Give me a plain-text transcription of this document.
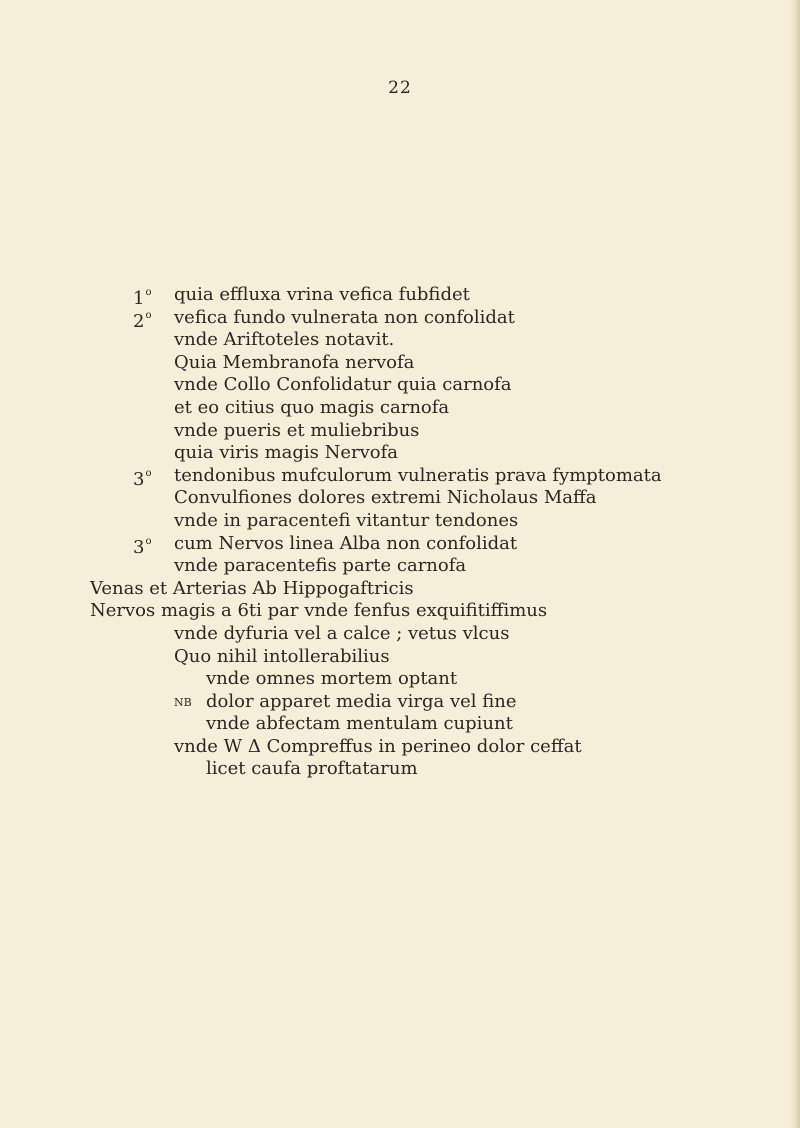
22
1$^o$ quia effluxa vrina vefica fubfidet
2$^o$ vefica fundo vulnerata non confolidat
vnde Ariftoteles notavit.
Quia Membranofa nervofa
vnde Collo Confolidatur quia carnofa
et eo citius quo magis carnofa
vnde pueris et muliebribus
quia viris magis Nervofa
3$^o$ tendonibus mufculorum vulneratis prava fymptomata
Convulfiones dolores extremi Nicholaus Maffa
vnde in paracentefi vitantur tendones
3$^o$ cum Nervos linea Alba non confolidat
vnde paracentefis parte carnofa
Venas et Arterias Ab Hippogaftricis
Nervos magis a 6ti par vnde fenfus exquifitiffimus
vnde dyfuria vel a calce ; vetus vlcus
Quo nihil intollerabilius
vnde omnes mortem optant
NB dolor apparet media virga vel fine
vnde abfectam mentulam cupiunt
vnde W Δ Compreffus in perineo dolor ceffat
licet caufa proftatarum
